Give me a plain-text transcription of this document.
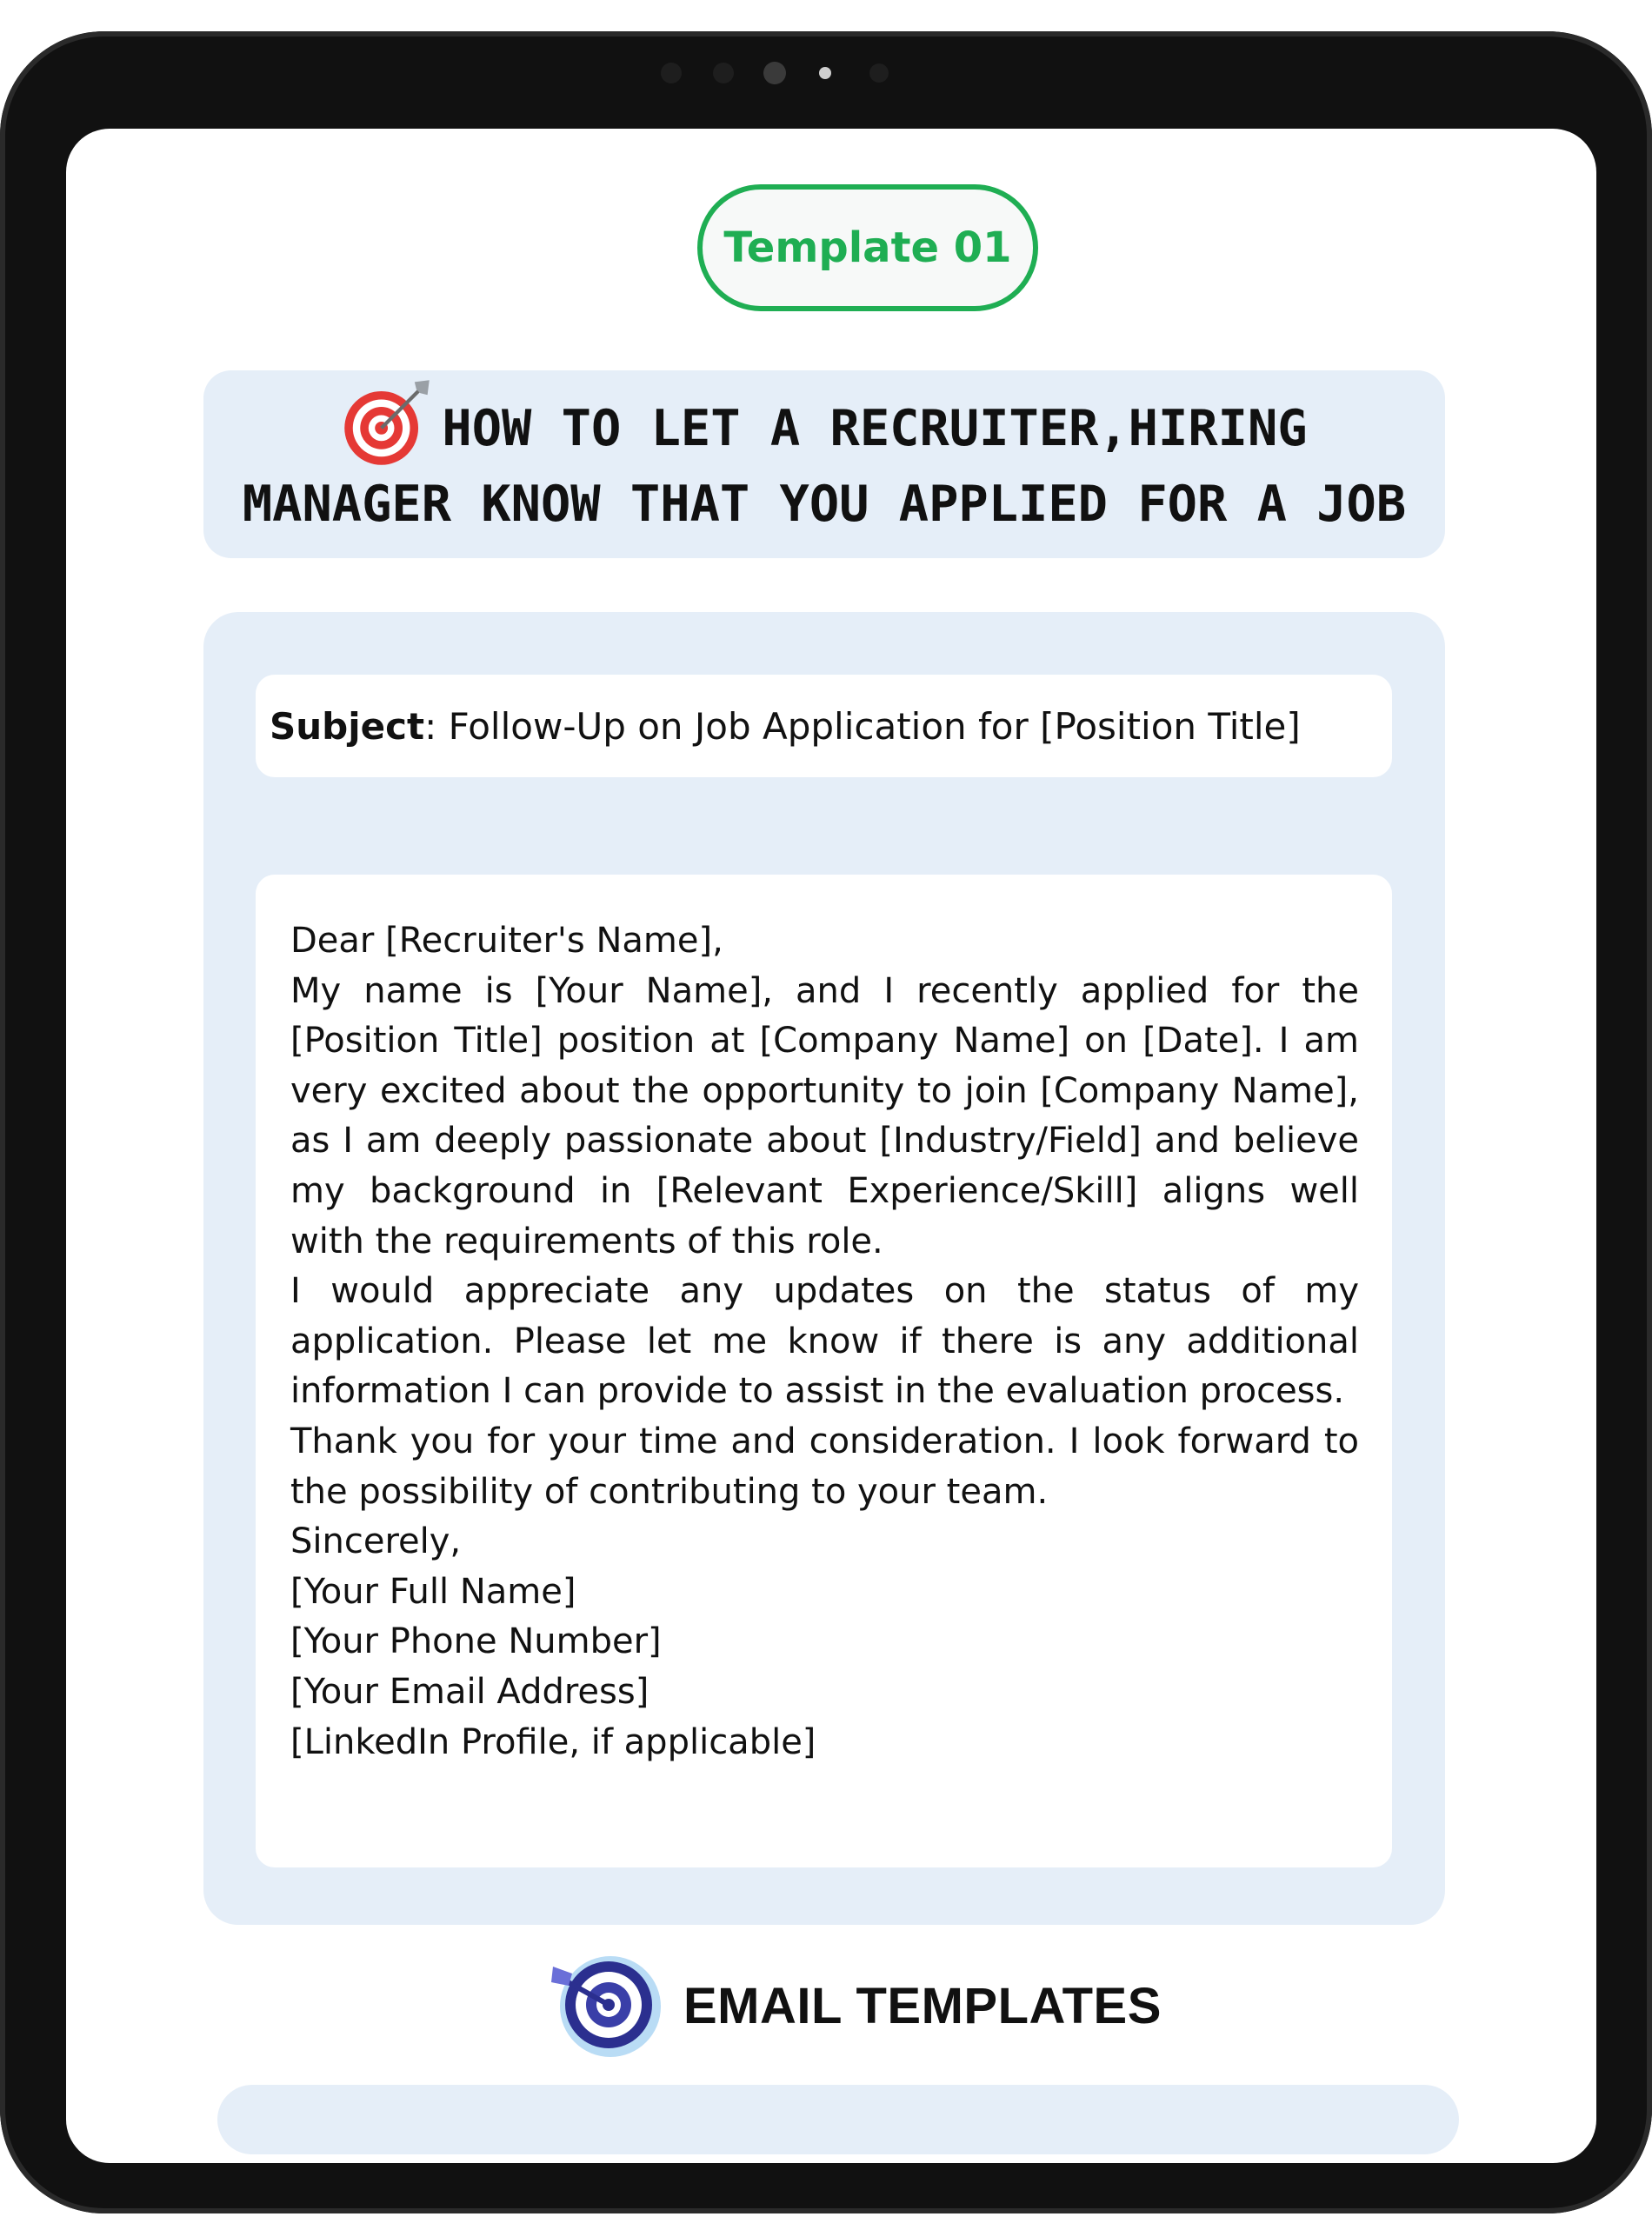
Template 01
HOW TO LET A RECRUITER,HIRING
MANAGER KNOW THAT YOU APPLIED FOR A JOB
Subject : Follow-Up on Job Application for [Position Title]

Dear [Recruiter's Name],

My name is [Your Name], and I recently applied for the [Position Title] position at [Company Name] on [Date]. I am very excited about the opportunity to join [Company Name], as I am deeply passionate about [Industry/Field] and believe my background in [Relevant Experience/Skill] aligns well with the requirements of this role.

I would appreciate any updates on the status of my application. Please let me know if there is any additional information I can provide to assist in the evaluation process.

Thank you for your time and consideration. I look forward to the possibility of contributing to your team.

Sincerely,

[Your Full Name]

[Your Phone Number]

[Your Email Address]

[LinkedIn Profile, if applicable]

EMAIL TEMPLATES
